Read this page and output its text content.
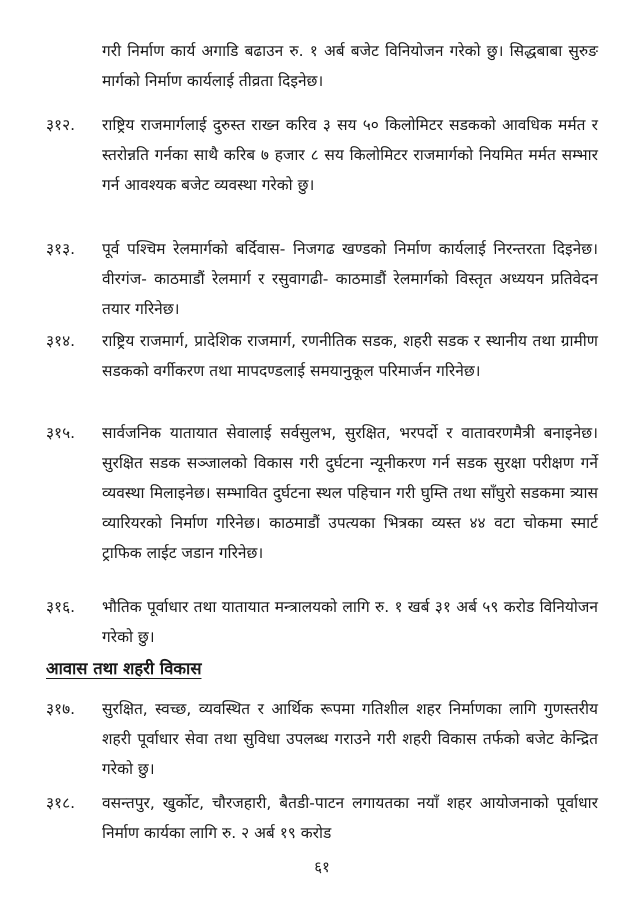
गरी निर्माण कार्य अगाडि बढाउन रु. १ अर्ब बजेट विनियोजन गरेको छु। सिद्धबाबा सुरुङ मार्गको निर्माण कार्यलाई तीव्रता दिइनेछ।
३१२. राष्ट्रिय राजमार्गलाई दुरुस्त राख्न करिव ३ सय ५० किलोमिटर सडकको आवधिक मर्मत र स्तरोन्नति गर्नका साथै करिब ७ हजार ८ सय किलोमिटर राजमार्गको नियमित मर्मत सम्भार गर्न आवश्यक बजेट व्यवस्था गरेको छु।
३१३. पूर्व पश्चिम रेलमार्गको बर्दिवास- निजगढ खण्डको निर्माण कार्यलाई निरन्तरता दिइनेछ। वीरगंज- काठमाडौं रेलमार्ग र रसुवागढी- काठमाडौं रेलमार्गको विस्तृत अध्ययन प्रतिवेदन तयार गरिनेछ।
३१४. राष्ट्रिय राजमार्ग, प्रादेशिक राजमार्ग, रणनीतिक सडक, शहरी सडक र स्थानीय तथा ग्रामीण सडकको वर्गीकरण तथा मापदण्डलाई समयानुकूल परिमार्जन गरिनेछ।
३१५. सार्वजनिक यातायात सेवालाई सर्वसुलभ, सुरक्षित, भरपर्दो र वातावरणमैत्री बनाइनेछ। सुरक्षित सडक सञ्जालको विकास गरी दुर्घटना न्यूनीकरण गर्न सडक सुरक्षा परीक्षण गर्ने व्यवस्था मिलाइनेछ। सम्भावित दुर्घटना स्थल पहिचान गरी घुम्ति तथा साँघुरो सडकमा त्र्यास व्यारियरको निर्माण गरिनेछ। काठमाडौं उपत्यका भित्रका व्यस्त ४४ वटा चोकमा स्मार्ट ट्राफिक लाईट जडान गरिनेछ।
३१६. भौतिक पूर्वाधार तथा यातायात मन्त्रालयको लागि रु. १ खर्ब ३१ अर्ब ५९ करोड विनियोजन गरेको छु।
आवास तथा शहरी विकास
३१७. सुरक्षित, स्वच्छ, व्यवस्थित र आर्थिक रूपमा गतिशील शहर निर्माणका लागि गुणस्तरीय शहरी पूर्वाधार सेवा तथा सुविधा उपलब्ध गराउने गरी शहरी विकास तर्फको बजेट केन्द्रित गरेको छु।
३१८. वसन्तपुर, खुर्कोट, चौरजहारी, बैतडी-पाटन लगायतका नयाँ शहर आयोजनाको पूर्वाधार निर्माण कार्यका लागि रु. २ अर्ब १९ करोड
६१
